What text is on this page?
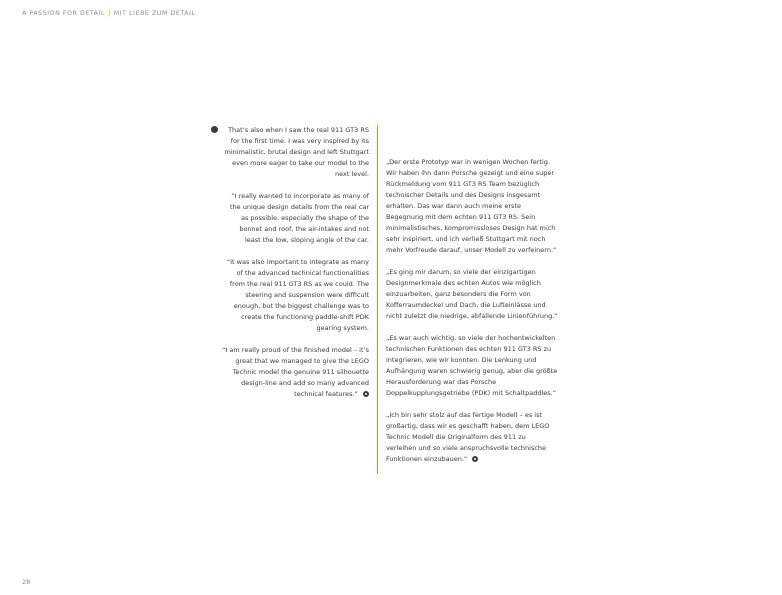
A PASSION FOR DETAIL | MIT LIEBE ZUM DETAIL

That’s also when I saw the real 911 GT3 RS for the first time. I was very inspired by its minimalistic, brutal design and left Stuttgart even more eager to take our model to the next level.

“I really wanted to incorporate as many of the unique design details from the real car as possible, especially the shape of the bonnet and roof, the air-intakes and not least the low, sloping angle of the car.

“It was also important to integrate as many of the advanced technical functionalities from the real 911 GT3 RS as we could. The steering and suspension were difficult enough, but the biggest challenge was to create the functioning paddle-shift PDK gearing system.

“I am really proud of the finished model – it’s great that we managed to give the LEGO Technic model the genuine 911 silhouette design-line and add so many advanced technical features.”

„Der erste Prototyp war in wenigen Wochen fertig. Wir haben ihn dann Porsche gezeigt und eine super Rückmeldung vom 911 GT3 RS Team bezüglich technischer Details und des Designs insgesamt erhalten. Das war dann auch meine erste Begegnung mit dem echten 911 GT3 RS. Sein minimalistisches, kompromissloses Design hat mich sehr inspiriert, und ich verließ Stuttgart mit noch mehr Vorfreude darauf, unser Modell zu verfeinern.“

„Es ging mir darum, so viele der einzigartigen Designmerkmale des echten Autos wie möglich einzuarbeiten, ganz besonders die Form von Kofferraumdeckel und Dach, die Lufteinlässe und nicht zuletzt die niedrige, abfallende Linienführung.“

„Es war auch wichtig, so viele der hochentwickelten technischen Funktionen des echten 911 GT3 RS zu integrieren, wie wir konnten. Die Lenkung und Aufhängung waren schwierig genug, aber die größte Herausforderung war das Porsche Doppelkupplungsgetriebe (PDK) mit Schaltpaddles.“

„Ich bin sehr stolz auf das fertige Modell – es ist großartig, dass wir es geschafft haben, dem LEGO Technic Modell die Originalform des 911 zu verleihen und so viele anspruchsvolle technische Funktionen einzubauen.“

28
